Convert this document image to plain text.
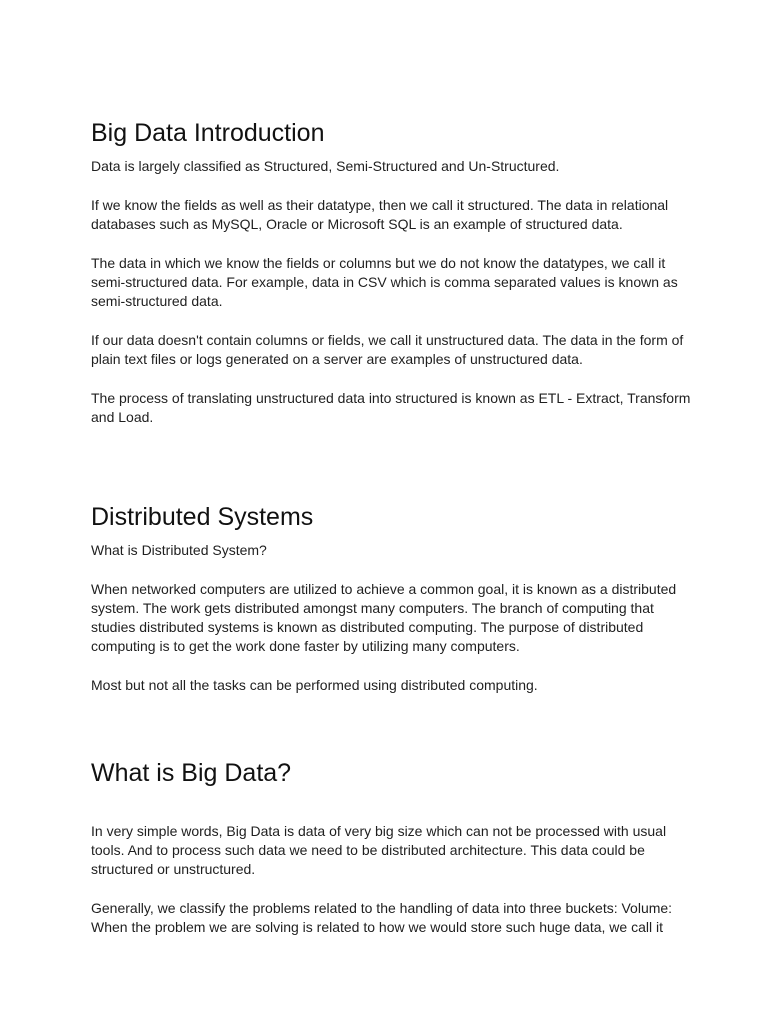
Big Data Introduction

Data is largely classified as Structured, Semi-Structured and Un-Structured.

If we know the fields as well as their datatype, then we call it structured. The data in relational databases such as MySQL, Oracle or Microsoft SQL is an example of structured data.

The data in which we know the fields or columns but we do not know the datatypes, we call it semi-structured data. For example, data in CSV which is comma separated values is known as semi-structured data.

If our data doesn't contain columns or fields, we call it unstructured data. The data in the form of plain text files or logs generated on a server are examples of unstructured data.

The process of translating unstructured data into structured is known as ETL - Extract, Transform and Load.

Distributed Systems

What is Distributed System?

When networked computers are utilized to achieve a common goal, it is known as a distributed system. The work gets distributed amongst many computers. The branch of computing that studies distributed systems is known as distributed computing. The purpose of distributed computing is to get the work done faster by utilizing many computers.

Most but not all the tasks can be performed using distributed computing.

What is Big Data?

In very simple words, Big Data is data of very big size which can not be processed with usual tools. And to process such data we need to be distributed architecture. This data could be structured or unstructured.

Generally, we classify the problems related to the handling of data into three buckets: Volume: When the problem we are solving is related to how we would store such huge data, we call it
